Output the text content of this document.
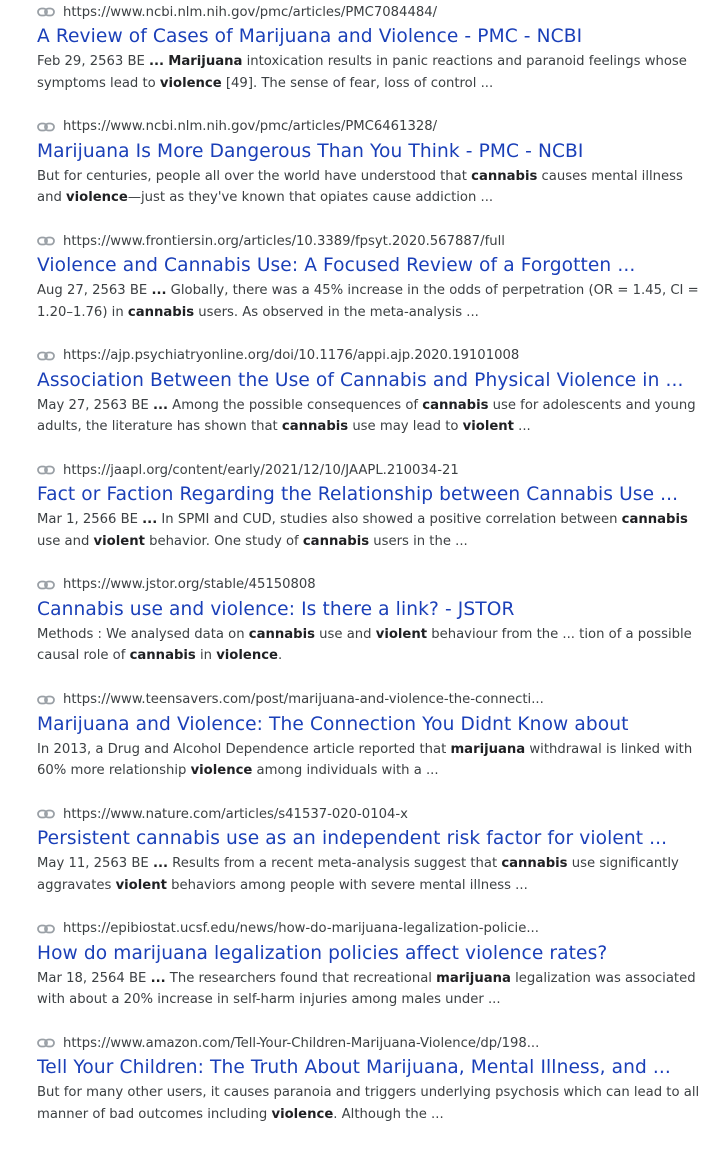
https://www.ncbi.nlm.nih.gov/pmc/articles/PMC7084484/
A Review of Cases of Marijuana and Violence - PMC - NCBI
Feb 29, 2563 BE ... Marijuana intoxication results in panic reactions and paranoid feelings whose symptoms lead to violence [49]. The sense of fear, loss of control ...
https://www.ncbi.nlm.nih.gov/pmc/articles/PMC6461328/
Marijuana Is More Dangerous Than You Think - PMC - NCBI
But for centuries, people all over the world have understood that cannabis causes mental illness and violence—just as they've known that opiates cause addiction ...
https://www.frontiersin.org/articles/10.3389/fpsyt.2020.567887/full
Violence and Cannabis Use: A Focused Review of a Forgotten ...
Aug 27, 2563 BE ... Globally, there was a 45% increase in the odds of perpetration (OR = 1.45, CI = 1.20–1.76) in cannabis users. As observed in the meta-analysis ...
https://ajp.psychiatryonline.org/doi/10.1176/appi.ajp.2020.19101008
Association Between the Use of Cannabis and Physical Violence in ...
May 27, 2563 BE ... Among the possible consequences of cannabis use for adolescents and young adults, the literature has shown that cannabis use may lead to violent ...
https://jaapl.org/content/early/2021/12/10/JAAPL.210034-21
Fact or Faction Regarding the Relationship between Cannabis Use ...
Mar 1, 2566 BE ... In SPMI and CUD, studies also showed a positive correlation between cannabis use and violent behavior. One study of cannabis users in the ...
https://www.jstor.org/stable/45150808
Cannabis use and violence: Is there a link? - JSTOR
Methods : We analysed data on cannabis use and violent behaviour from the ... tion of a possible causal role of cannabis in violence.
https://www.teensavers.com/post/marijuana-and-violence-the-connecti...
Marijuana and Violence: The Connection You Didnt Know about
In 2013, a Drug and Alcohol Dependence article reported that marijuana withdrawal is linked with 60% more relationship violence among individuals with a ...
https://www.nature.com/articles/s41537-020-0104-x
Persistent cannabis use as an independent risk factor for violent ...
May 11, 2563 BE ... Results from a recent meta-analysis suggest that cannabis use significantly aggravates violent behaviors among people with severe mental illness ...
https://epibiostat.ucsf.edu/news/how-do-marijuana-legalization-policie...
How do marijuana legalization policies affect violence rates?
Mar 18, 2564 BE ... The researchers found that recreational marijuana legalization was associated with about a 20% increase in self-harm injuries among males under ...
https://www.amazon.com/Tell-Your-Children-Marijuana-Violence/dp/198...
Tell Your Children: The Truth About Marijuana, Mental Illness, and ...
But for many other users, it causes paranoia and triggers underlying psychosis which can lead to all manner of bad outcomes including violence. Although the ...
